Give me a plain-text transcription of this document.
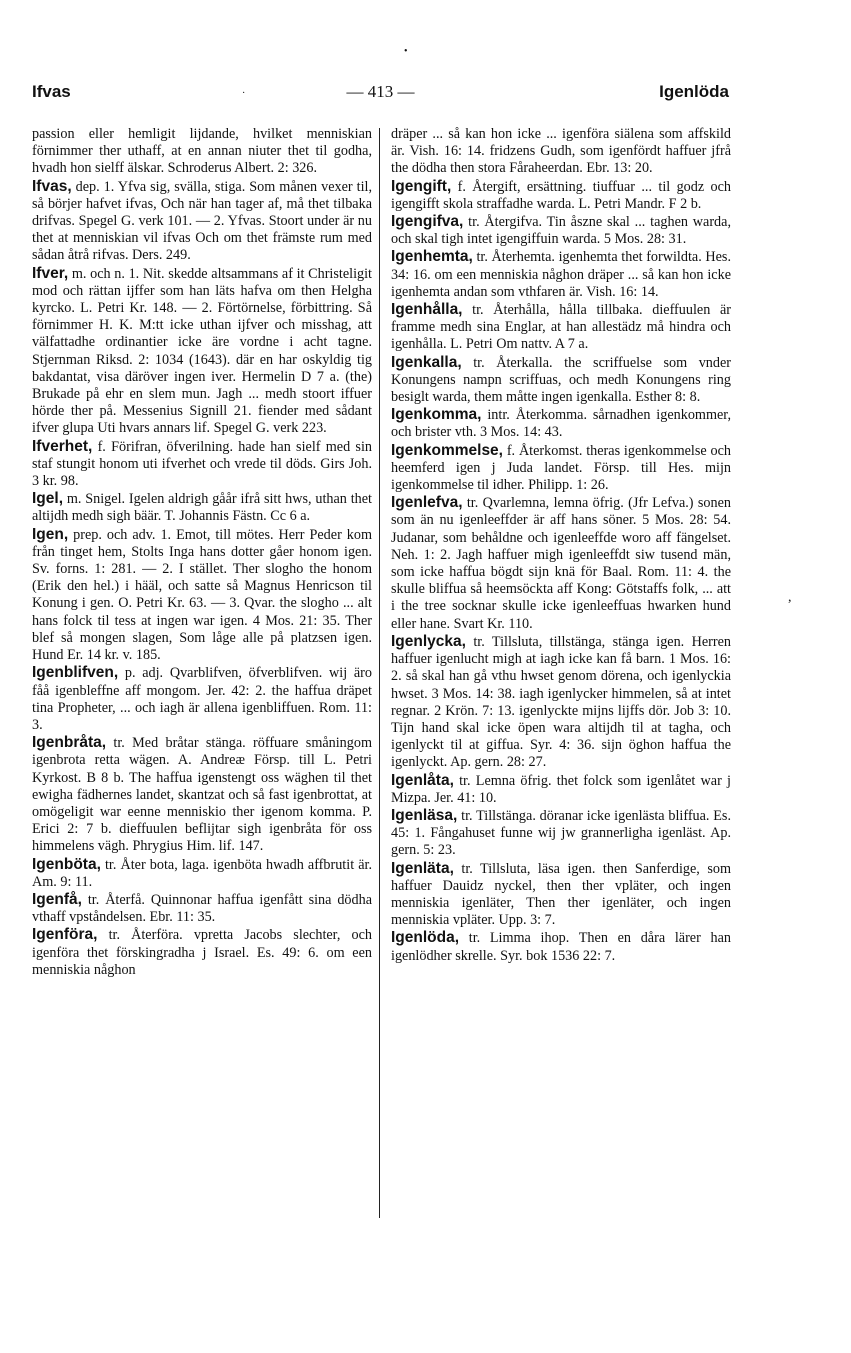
•
·
Ifvas	— 413 —	Igenlöda

passion eller hemligit lijdande, hvilket menniskian förnimmer ther uthaff, at en annan niuter thet til godha, hvadh hon sielff älskar. Schroderus Albert. 2: 326.

Ifvas, dep. 1. Yfva sig, svälla, stiga. Som månen vexer til, så börjer hafvet ifvas, Och när han tager af, må thet tilbaka drifvas. Spegel G. verk 101. — 2. Yfvas. Stoort under är nu thet at menniskian vil ifvas Och om thet främste rum med sådan åtrå rifvas. Ders. 249.

Ifver, m. och n. 1. Nit. skedde altsammans af it Christeligit mod och rättan ijffer som han läts hafva om then Helgha kyrcko. L. Petri Kr. 148. — 2. Förtörnelse, förbittring. Så förnimmer H. K. M:tt icke uthan ijfver och misshag, att välfattadhe ordinantier icke äre vordne i acht tagne. Stjernman Riksd. 2: 1034 (1643). där en har oskyldig tig bakdantat, visa däröver ingen iver. Hermelin D 7 a. (the) Brukade på ehr en slem mun. Jagh ... medh stoort iffuer hörde ther på. Messenius Signill 21. fiender med sådant ifver glupa Uti hvars annars lif. Spegel G. verk 223.

Ifverhet, f. Förifran, öfverilning. hade han sielf med sin staf stungit honom uti ifverhet och vrede til döds. Girs Joh. 3 kr. 98.

Igel, m. Snigel. Igelen aldrigh gåår ifrå sitt hws, uthan thet altijdh medh sigh bäär. T. Johannis Fästn. Cc 6 a.

Igen, prep. och adv. 1. Emot, till mötes. Herr Peder kom från tinget hem, Stolts Inga hans dotter gåer honom igen. Sv. forns. 1: 281. — 2. I stället. Ther slogho the honom (Erik den hel.) i hääl, och satte så Magnus Henricson til Konung i gen. O. Petri Kr. 63. — 3. Qvar. the slogho ... alt hans folck til tess at ingen war igen. 4 Mos. 21: 35. Ther blef så mongen slagen, Som låge alle på platzsen igen. Hund Er. 14 kr. v. 185.

Igenblifven, p. adj. Qvarblifven, öfverblifven. wij äro fåå igenbleffne aff mongom. Jer. 42: 2. the haffua dräpet tina Propheter, ... och iagh är allena igenbliffuen. Rom. 11: 3.

Igenbråta, tr. Med bråtar stänga. röffuare småningom igenbrota retta wägen. A. Andreæ Försp. till L. Petri Kyrkost. B 8 b. The haffua igenstengt oss wäghen til thet ewigha fädhernes landet, skantzat och så fast igenbrottat, at omögeligit war eenne menniskio ther igenom komma. P. Erici 2: 7 b. dieffuulen beflijtar sigh igenbråta för oss himmelens vägh. Phrygius Him. lif. 147.

Igenböta, tr. Åter bota, laga. igenböta hwadh affbrutit är. Am. 9: 11.

Igenfå, tr. Återfå. Quinnonar haffua igenfått sina dödha vthaff vpståndelsen. Ebr. 11: 35.

Igenföra, tr. Återföra. vpretta Jacobs slechter, och igenföra thet förskingradha j Israel. Es. 49: 6. om een menniskia någhon

dräper ... så kan hon icke ... igenföra siälena som affskild är. Vish. 16: 14. fridzens Gudh, som igenfördt haffuer jfrå the dödha then stora Fåraheerdan. Ebr. 13: 20.

Igengift, f. Återgift, ersättning. tiuffuar ... til godz och igengifft skola straffadhe warda. L. Petri Mandr. F 2 b.

Igengifva, tr. Återgifva. Tin åszne skal ... taghen warda, och skal tigh intet igengiffuin warda. 5 Mos. 28: 31.

Igenhemta, tr. Återhemta. igenhemta thet forwildta. Hes. 34: 16. om een menniskia någhon dräper ... så kan hon icke igenhemta andan som vthfaren är. Vish. 16: 14.

Igenhålla, tr. Återhålla, hålla tillbaka. dieffuulen är framme medh sina Englar, at han allestädz må hindra och igenhålla. L. Petri Om nattv. A 7 a.

Igenkalla, tr. Återkalla. the scriffuelse som vnder Konungens nampn scriffuas, och medh Konungens ring besiglt warda, them måtte ingen igenkalla. Esther 8: 8.

Igenkomma, intr. Återkomma. sårnadhen igenkommer, och brister vth. 3 Mos. 14: 43.

Igenkommelse, f. Återkomst. theras igenkommelse och heemferd igen j Juda landet. Försp. till Hes. mijn igenkommelse til idher. Philipp. 1: 26.

Igenlefva, tr. Qvarlemna, lemna öfrig. (Jfr Lefva.) sonen som än nu igenleeffder är aff hans söner. 5 Mos. 28: 54. Judanar, som behåldne och igenleeffde woro aff fängelset. Neh. 1: 2. Jagh haffuer migh igenleeffdt siw tusend män, som icke haffua bögdt sijn knä för Baal. Rom. 11: 4. the skulle bliffua så heemsöckta aff Kong: Götstaffs folk, ... att i the tree socknar skulle icke igenleeffuas hwarken hund eller hane. Svart Kr. 110.

Igenlycka, tr. Tillsluta, tillstänga, stänga igen. Herren haffuer igenlucht migh at iagh icke kan få barn. 1 Mos. 16: 2. så skal han gå vthu hwset genom dörena, och igenlyckia hwset. 3 Mos. 14: 38. iagh igenlycker himmelen, så at intet regnar. 2 Krön. 7: 13. igenlyckte mijns lijffs dör. Job 3: 10. Tijn hand skal icke öpen wara altijdh til at tagha, och igenlyckt til at giffua. Syr. 4: 36. sijn öghon haffua the igenlyckt. Ap. gern. 28: 27.

Igenlåta, tr. Lemna öfrig. thet folck som igenlåtet war j Mizpa. Jer. 41: 10.

Igenläsa, tr. Tillstänga. döranar icke igenlästa bliffua. Es. 45: 1. Fångahuset funne wij jw grannerligha igenläst. Ap. gern. 5: 23.

Igenläta, tr. Tillsluta, läsa igen. then Sanferdige, som haffuer Dauidz nyckel, then ther vpläter, och ingen menniskia igenläter, Then ther igenläter, och ingen menniskia vpläter. Upp. 3: 7.

Igenlöda, tr. Limma ihop. Then en dåra lärer han igenlödher skrelle. Syr. bok 1536 22: 7.

,
